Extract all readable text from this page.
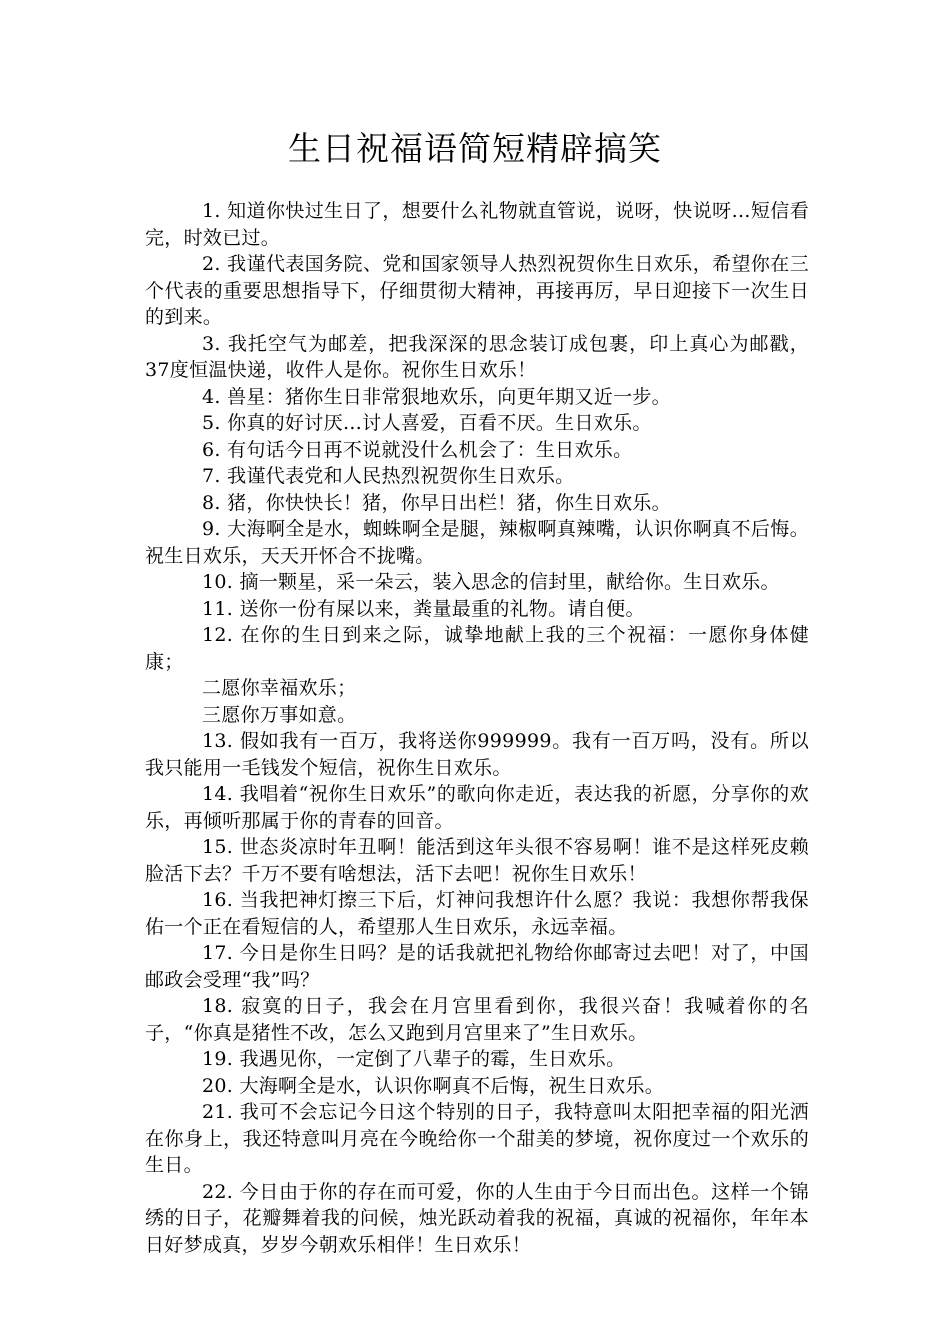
生日祝福语简短精辟搞笑

1. 知道你快过生日了，想要什么礼物就直管说，说呀，快说呀…短信看完，时效已过。

2. 我谨代表国务院、党和国家领导人热烈祝贺你生日欢乐，希望你在三个代表的重要思想指导下，仔细贯彻大精神，再接再厉，早日迎接下一次生日的到来。

3. 我托空气为邮差，把我深深的思念装订成包裹，印上真心为邮戳，37度恒温快递，收件人是你。祝你生日欢乐！

4. 兽星：猪你生日非常狠地欢乐，向更年期又近一步。

5. 你真的好讨厌…讨人喜爱，百看不厌。生日欢乐。

6. 有句话今日再不说就没什么机会了：生日欢乐。

7. 我谨代表党和人民热烈祝贺你生日欢乐。

8. 猪，你快快长！猪，你早日出栏！猪，你生日欢乐。

9. 大海啊全是水，蜘蛛啊全是腿，辣椒啊真辣嘴，认识你啊真不后悔。祝生日欢乐，天天开怀合不拢嘴。

10. 摘一颗星，采一朵云，装入思念的信封里，献给你。生日欢乐。

11. 送你一份有屎以来，粪量最重的礼物。请自便。

12. 在你的生日到来之际，诚挚地献上我的三个祝福：一愿你身体健康；

二愿你幸福欢乐；

三愿你万事如意。

13. 假如我有一百万，我将送你999999。我有一百万吗，没有。所以我只能用一毛钱发个短信，祝你生日欢乐。

14. 我唱着“祝你生日欢乐”的歌向你走近，表达我的祈愿，分享你的欢乐，再倾听那属于你的青春的回音。

15. 世态炎凉时年丑啊！能活到这年头很不容易啊！谁不是这样死皮赖脸活下去？千万不要有啥想法，活下去吧！祝你生日欢乐！

16. 当我把神灯擦三下后，灯神问我想许什么愿？我说：我想你帮我保佑一个正在看短信的人，希望那人生日欢乐，永远幸福。

17. 今日是你生日吗？是的话我就把礼物给你邮寄过去吧！对了，中国邮政会受理“我”吗？

18. 寂寞的日子，我会在月宫里看到你，我很兴奋！我喊着你的名子，“你真是猪性不改，怎么又跑到月宫里来了”生日欢乐。

19. 我遇见你，一定倒了八辈子的霉，生日欢乐。

20. 大海啊全是水，认识你啊真不后悔，祝生日欢乐。

21. 我可不会忘记今日这个特别的日子，我特意叫太阳把幸福的阳光洒在你身上，我还特意叫月亮在今晚给你一个甜美的梦境，祝你度过一个欢乐的生日。

22. 今日由于你的存在而可爱，你的人生由于今日而出色。这样一个锦绣的日子，花瓣舞着我的问候，烛光跃动着我的祝福，真诚的祝福你，年年本日好梦成真，岁岁今朝欢乐相伴！生日欢乐！
